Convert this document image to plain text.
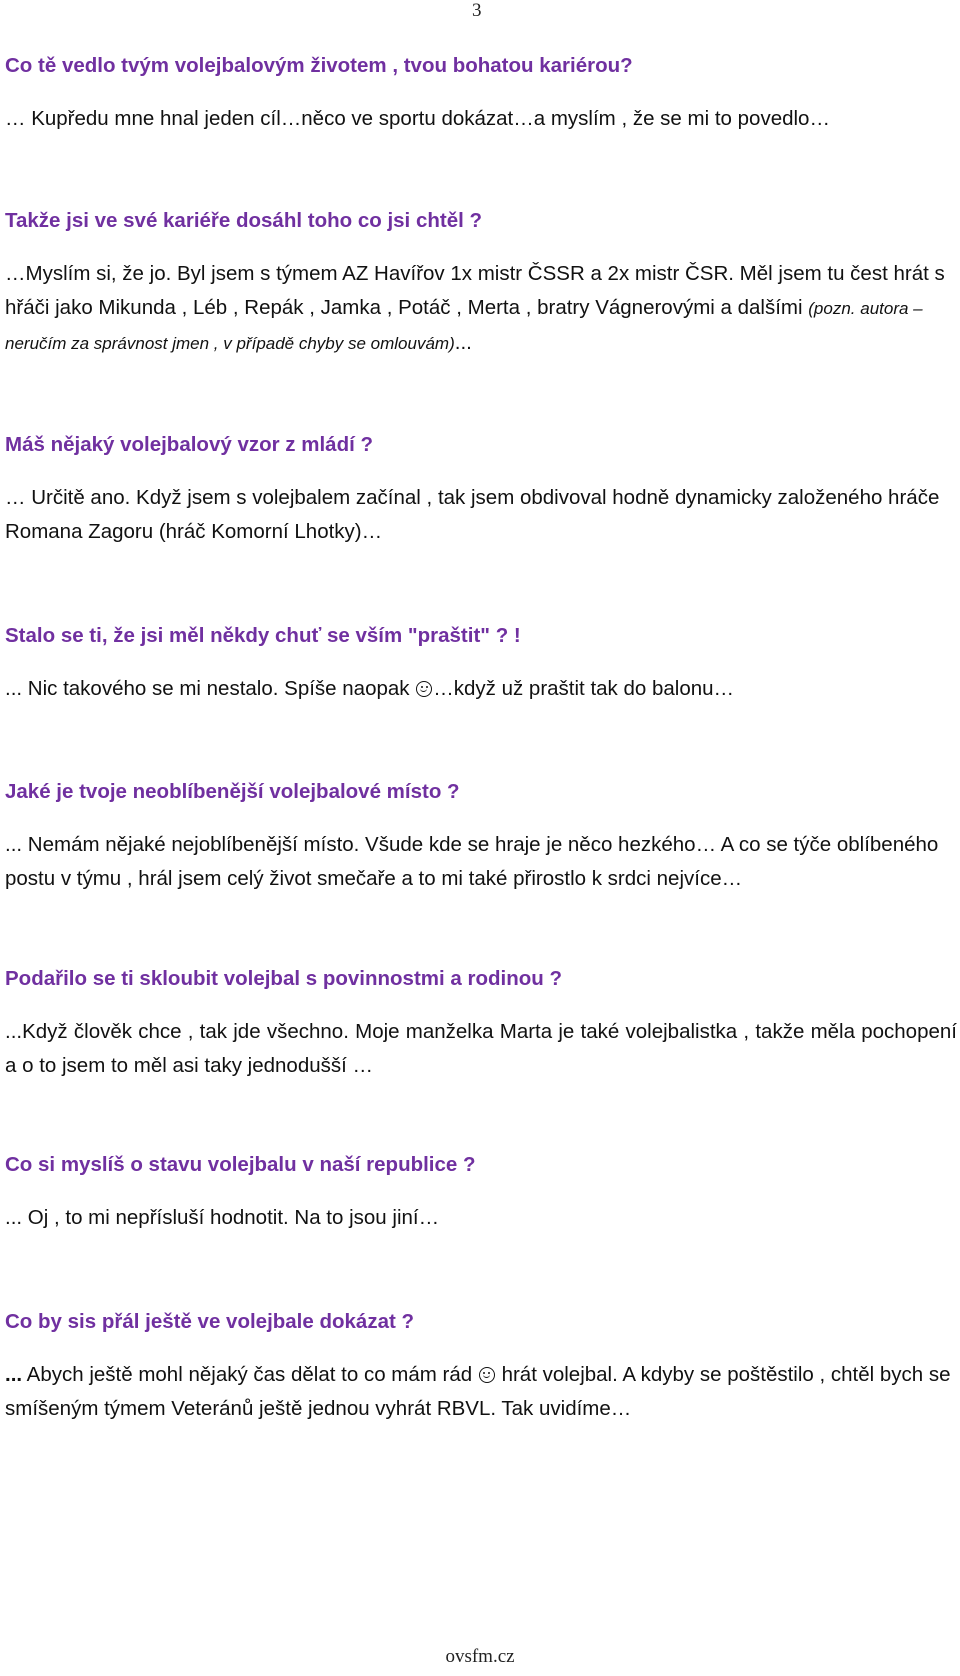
3

Co tě vedlo tvým volejbalovým životem , tvou bohatou kariérou?

… Kupředu mne hnal jeden cíl…něco ve sportu dokázat…a myslím , že se mi to povedlo…

Takže jsi ve své kariéře dosáhl toho co jsi chtěl ?

…Myslím si, že jo. Byl jsem s týmem AZ Havířov 1x mistr ČSSR a 2x mistr ČSR. Měl jsem tu čest hrát s hřáči jako Mikunda , Léb , Repák , Jamka , Potáč , Merta , bratry Vágnerovými a dalšími (pozn. autora – neručím za správnost jmen , v případě chyby se omlouvám)...

Máš nějaký volejbalový vzor z mládí ?

… Určitě ano. Když jsem s volejbalem začínal , tak jsem obdivoval hodně dynamicky založeného hráče Romana Zagoru (hráč Komorní Lhotky)…

Stalo se ti, že jsi měl někdy chuť se vším "praštit" ? !

... Nic takového se mi nestalo. Spíše naopak …když už praštit tak do balonu…

Jaké je tvoje neoblíbenější volejbalové místo ?

... Nemám nějaké nejoblíbenější místo. Všude kde se hraje je něco hezkého… A co se týče oblíbeného postu v týmu , hrál jsem celý život smečaře a to mi také přirostlo k srdci nejvíce…

Podařilo se ti skloubit volejbal s povinnostmi a rodinou ?

...Když člověk chce , tak jde všechno. Moje manželka Marta je také volejbalistka , takže měla pochopení a o to jsem to měl asi taky jednodušší …

Co si myslíš o stavu volejbalu v naší republice ?

... Oj , to mi nepřísluší hodnotit. Na to jsou jiní…

Co by sis přál ještě ve volejbale dokázat ?

... Abych ještě mohl nějaký čas dělat to co mám rád  hrát volejbal. A kdyby se poštěstilo , chtěl bych se smíšeným týmem Veteránů ještě jednou vyhrát RBVL. Tak uvidíme…

ovsfm.cz
